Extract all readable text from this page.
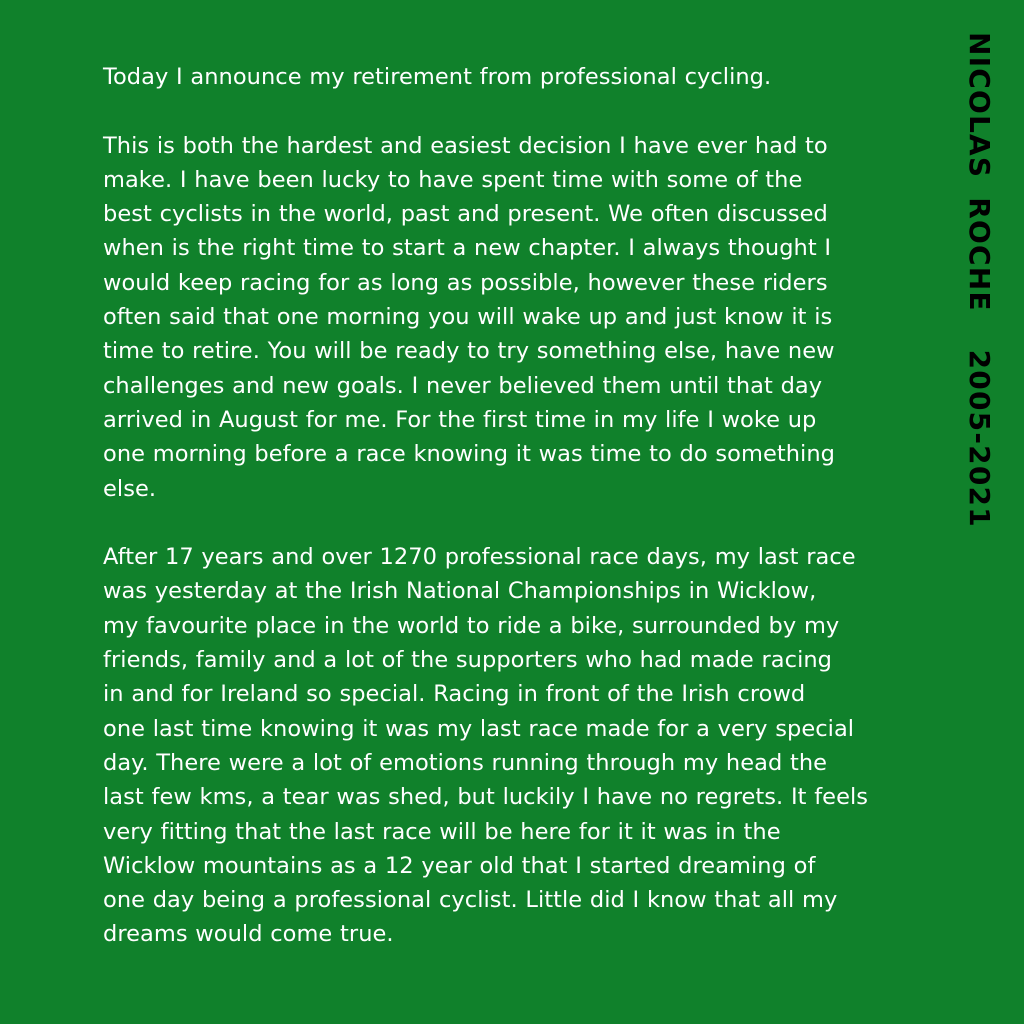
Today I announce my retirement from professional cycling.

This is both the hardest and easiest decision I have ever had to
make. I have been lucky to have spent time with some of the
best cyclists in the world, past and present. We often discussed
when is the right time to start a new chapter. I always thought I
would keep racing for as long as possible, however these riders
often said that one morning you will wake up and just know it is
time to retire. You will be ready to try something else, have new
challenges and new goals. I never believed them until that day
arrived in August for me. For the first time in my life I woke up
one morning before a race knowing it was time to do something
else.

After 17 years and over 1270 professional race days, my last race
was yesterday at the Irish National Championships in Wicklow,
my favourite place in the world to ride a bike, surrounded by my
friends, family and a lot of the supporters who had made racing
in and for Ireland so special. Racing in front of the Irish crowd
one last time knowing it was my last race made for a very special
day. There were a lot of emotions running through my head the
last few kms, a tear was shed, but luckily I have no regrets. It feels
very fitting that the last race will be here for it it was in the
Wicklow mountains as a 12 year old that I started dreaming of
one day being a professional cyclist. Little did I know that all my
dreams would come true.

NICOLAS ROCHE  2005-2021
